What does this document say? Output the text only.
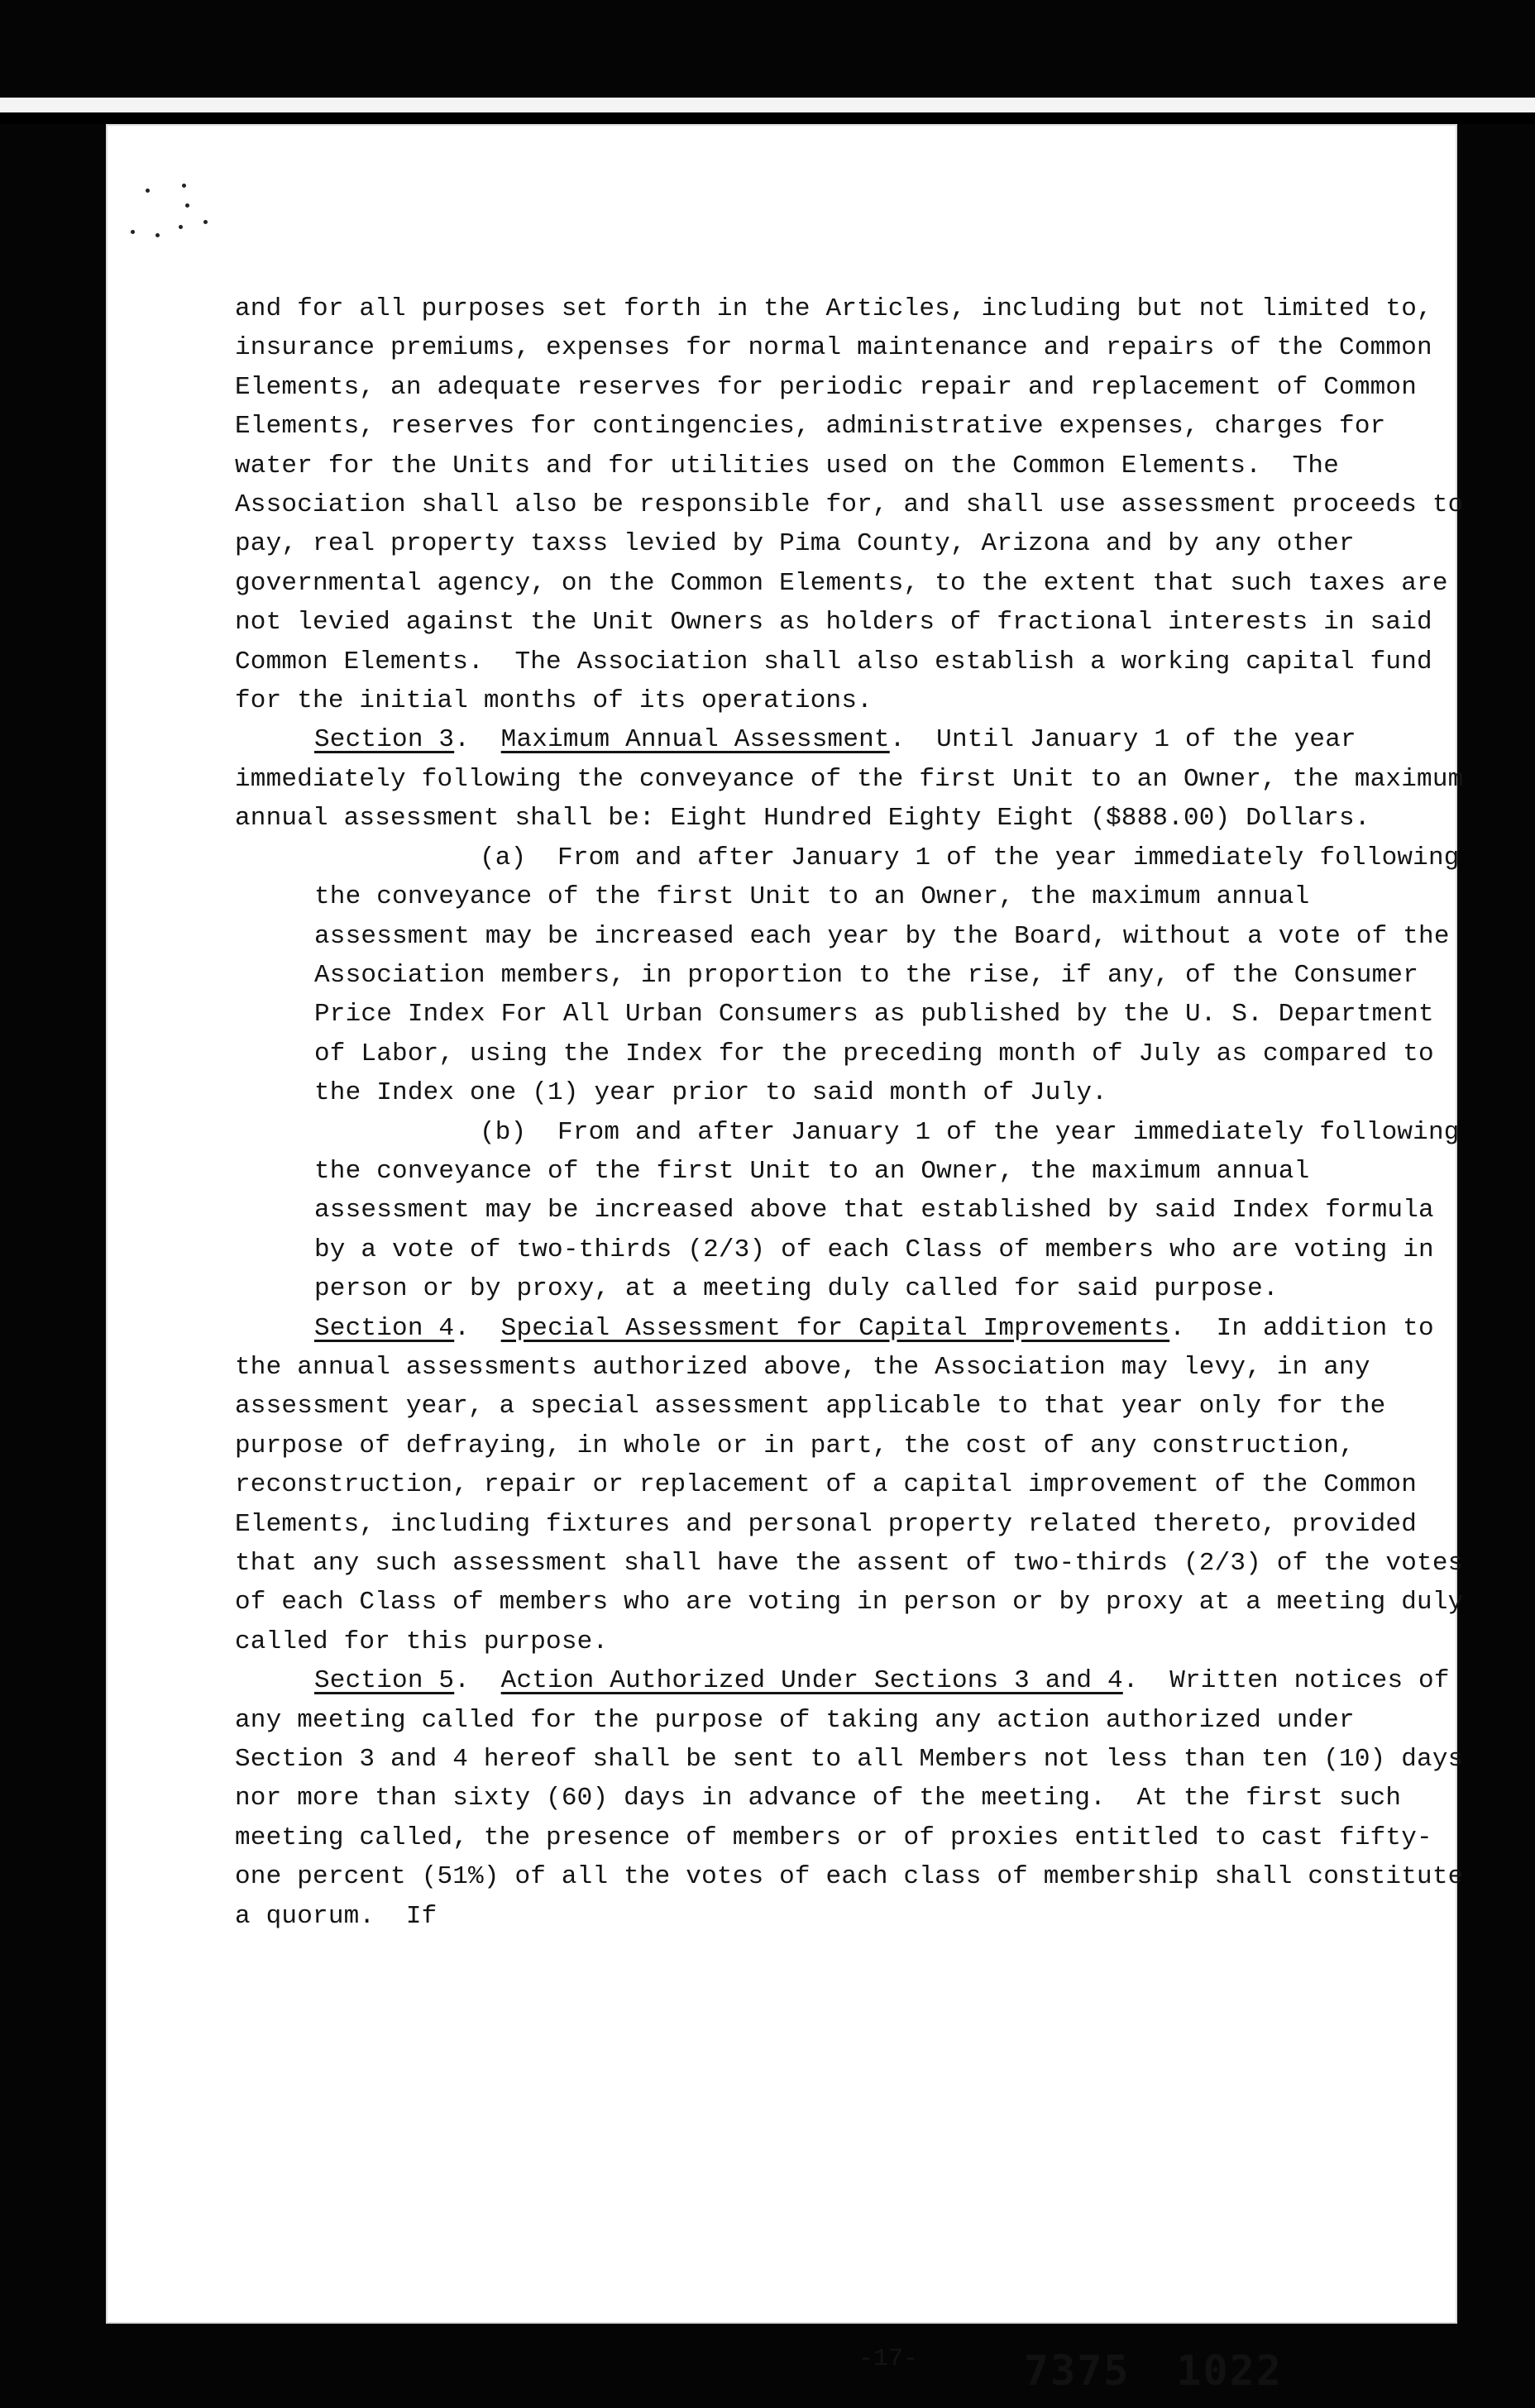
and for all purposes set forth in the Articles, including but not limited to, insurance premiums, expenses for normal maintenance and repairs of the Common Elements, an adequate reserves for periodic repair and replacement of Common Elements, reserves for contingencies, administrative expenses, charges for water for the Units and for utilities used on the Common Elements.  The Association shall also be responsible for, and shall use assessment proceeds to pay, real property taxss levied by Pima County, Arizona and by any other governmental agency, on the Common Elements, to the extent that such taxes are not levied against the Unit Owners as holders of fractional interests in said Common Elements.  The Association shall also establish a working capital fund for the initial months of its operations.

Section 3.  Maximum Annual Assessment.  Until January 1 of the year immediately following the conveyance of the first Unit to an Owner, the maximum annual assessment shall be: Eight Hundred Eighty Eight ($888.00) Dollars.

(a)  From and after January 1 of the year immediately following the conveyance of the first Unit to an Owner, the maximum annual assessment may be increased each year by the Board, without a vote of the Association members, in proportion to the rise, if any, of the Consumer Price Index For All Urban Consumers as published by the U. S. Department of Labor, using the Index for the preceding month of July as compared to the Index one (1) year prior to said month of July.

(b)  From and after January 1 of the year immediately following the conveyance of the first Unit to an Owner, the maximum annual assessment may be increased above that established by said Index formula by a vote of two-thirds (2/3) of each Class of members who are voting in person or by proxy, at a meeting duly called for said purpose.

Section 4.  Special Assessment for Capital Improvements.  In addition to the annual assessments authorized above, the Association may levy, in any assessment year, a special assessment applicable to that year only for the purpose of defraying, in whole or in part, the cost of any construction, reconstruction, repair or replacement of a capital improvement of the Common Elements, including fixtures and personal property related thereto, provided that any such assessment shall have the assent of two-thirds (2/3) of the votes of each Class of members who are voting in person or by proxy at a meeting duly called for this purpose.

Section 5.  Action Authorized Under Sections 3 and 4.  Written notices of any meeting called for the purpose of taking any action authorized under Section 3 and 4 hereof shall be sent to all Members not less than ten (10) days nor more than sixty (60) days in advance of the meeting.  At the first such meeting called, the presence of members or of proxies entitled to cast fifty-one percent (51%) of all the votes of each class of membership shall constitute a quorum.  If

-17-	7375 1022
